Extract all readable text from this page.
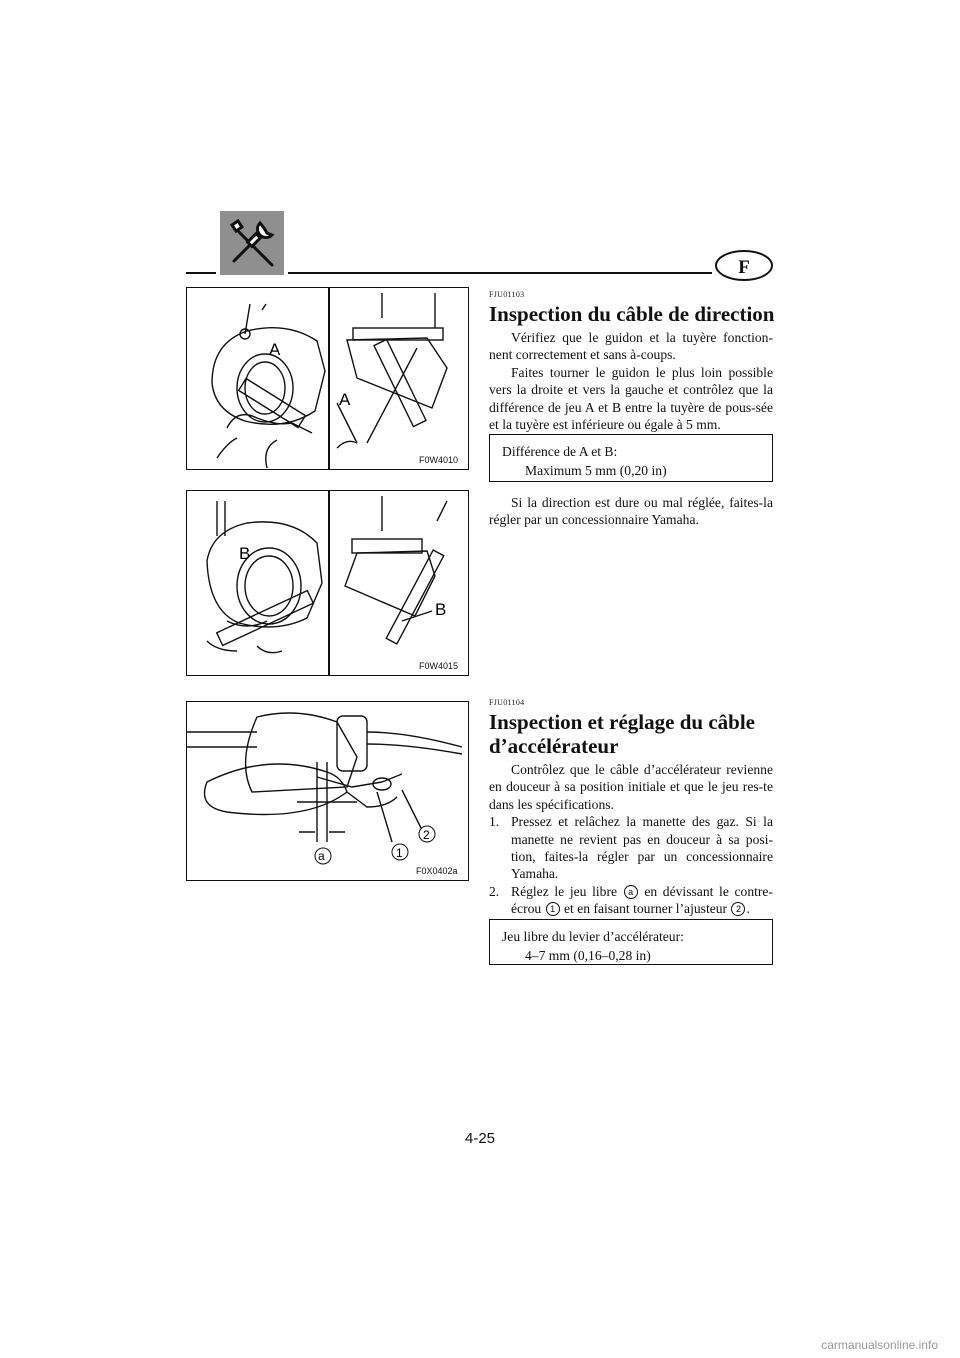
F
A
A
F0W4010
B
B
F0W4015
a	1
2
F0X0402a
FJU01103
Inspection du câble de direction

Vérifiez que le guidon et la tuyère fonction-nent correctement et sans à-coups.

Faites tourner le guidon le plus loin possible vers la droite et vers la gauche et contrôlez que la différence de jeu A et B entre la tuyère de pous-sée et la tuyère est inférieure ou égale à 5 mm.

Différence de A et B:
Maximum 5 mm (0,20 in)

Si la direction est dure ou mal réglée, faites-la régler par un concessionnaire Yamaha.

FJU01104
Inspection et réglage du câble
d’accélérateur

Contrôlez que le câble d’accélérateur revienne en douceur à sa position initiale et que le jeu res-te dans les spécifications.

1. Pressez et relâchez la manette des gaz. Si la manette ne revient pas en douceur à sa posi-tion, faites-la régler par un concessionnaire Yamaha.
2. Réglez le jeu libre a en dévissant le contre-écrou 1 et en faisant tourner l’ajusteur 2 .
Jeu libre du levier d’accélérateur:
4–7 mm (0,16–0,28 in)
4-25
carmanualsonline.info
